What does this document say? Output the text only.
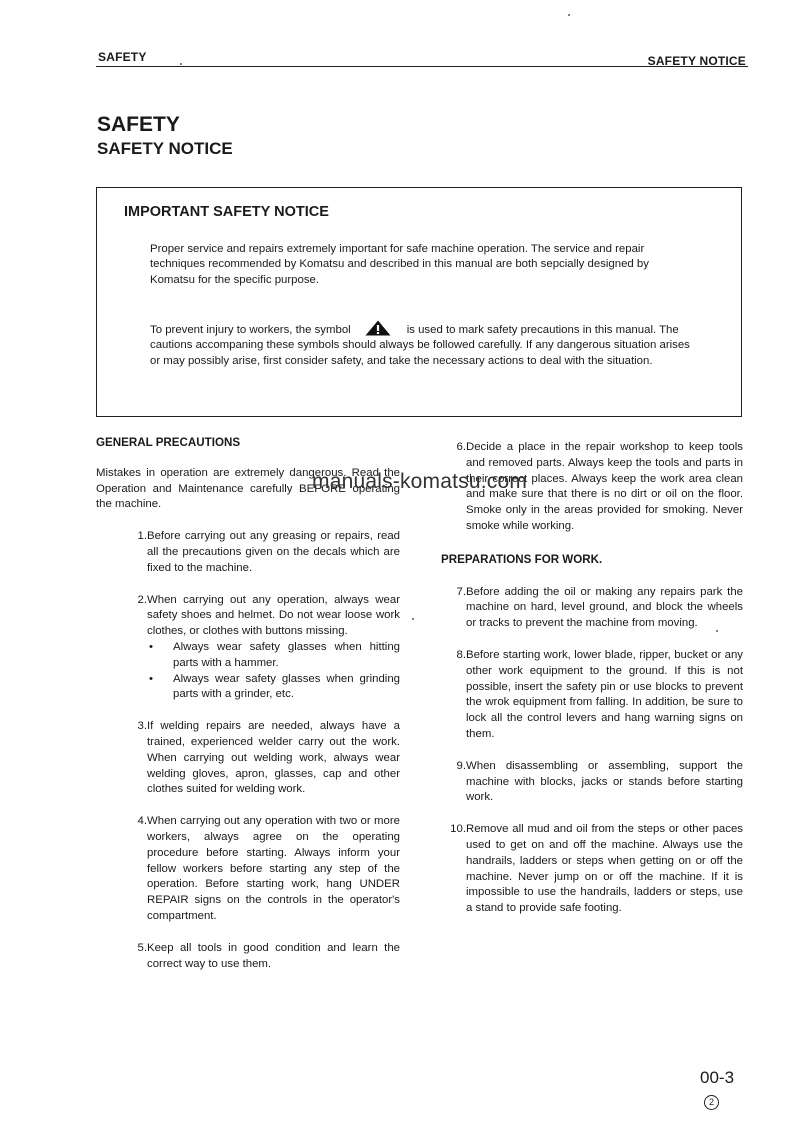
SAFETY	SAFETY NOTICE
SAFETY
SAFETY NOTICE
IMPORTANT SAFETY NOTICE

Proper service and repairs extremely important for safe machine operation. The service and repair techniques recommended by Komatsu and described in this manual are both sepcially designed by Komatsu for the specific purpose.

To prevent injury to workers, the symbol	is used to mark safety precautions in this manual. The cautions accompaning these symbols should always be followed carefully. If any dangerous situation arises or may possibly arise, first consider safety, and take the necessary actions to deal with the situation.

GENERAL PRECAUTIONS

Mistakes in operation are extremely dangerous. Read the Operation and Maintenance carefully BEFORE operating the machine.

1. Before carrying out any greasing or repairs, read all the precautions given on the decals which are fixed to the machine.
2. When carrying out any operation, always wear safety shoes and helmet. Do not wear loose work clothes, or clothes with buttons missing.
•	Always wear safety glasses when hitting parts with a hammer.
•	Always wear safety glasses when grinding parts with a grinder, etc.
3. If welding repairs are needed, always have a trained, experienced welder carry out the work. When carrying out welding work, always wear welding gloves, apron, glasses, cap and other clothes suited for welding work.
4. When carrying out any operation with two or more workers, always agree on the operating procedure before starting. Always inform your fellow workers before starting any step of the operation. Before starting work, hang UNDER REPAIR signs on the controls in the operator's compartment.
5. Keep all tools in good condition and learn the correct way to use them.
6. Decide a place in the repair workshop to keep tools and removed parts. Always keep the tools and parts in their correct places. Always keep the work area clean and make sure that there is no dirt or oil on the floor. Smoke only in the areas provided for smoking. Never smoke while working.
PREPARATIONS FOR WORK.
7. Before adding the oil or making any repairs park the machine on hard, level ground, and block the wheels or tracks to prevent the machine from moving.
8. Before starting work, lower blade, ripper, bucket or any other work equipment to the ground. If this is not possible, insert the safety pin or use blocks to prevent the wrok equipment from falling. In addition, be sure to lock all the control levers and hang warning signs on them.
9. When disassembling or assembling, support the machine with blocks, jacks or stands before starting work.
10. Remove all mud and oil from the steps or other paces used to get on and off the machine. Always use the handrails, ladders or steps when getting on or off the machine. Never jump on or off the machine. If it is impossible to use the handrails, ladders or steps, use a stand to provide safe footing.
manuals-komatsu.com
00-3
2
